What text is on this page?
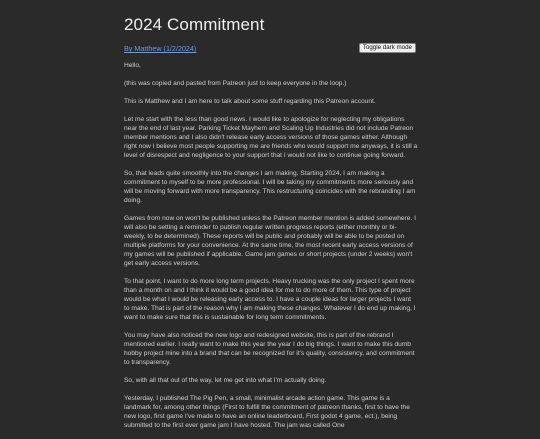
2024 Commitment
By Matthew (1/2/2024)	Toggle dark mode

Hello,

(this was copied and pasted from Patreon just to keep everyone in the loop.)

This is Matthew and I am here to talk about some stuff regarding this Patreon account.

Let me start with the less than good news. I would like to apologize for neglecting my obligations near the end of last year. Parking Ticket Mayhem and Scaling Up Industries did not include Patreon member mentions and I also didn't release early access versions of those games either. Although right now I believe most people supporting me are friends who would support me anyways, it is still a level of disrespect and negligence to your support that I would not like to continue going forward.

So, that leads quite smoothly into the changes I am making. Starting 2024, I am making a commitment to myself to be more professional. I will be taking my commitments more seriously and will be moving forward with more transparency. This restructuring coincides with the rebranding I am doing.

Games from now on won't be published unless the Patreon member mention is added somewhere. I will also be setting a reminder to publish regular written progress reports (either monthly or bi-weekly, to be determined). These reports will be public and probably will be able to be posted on multiple platforms for your convenience. At the same time, the most recent early access versions of my games will be published if applicable. Game jam games or short projects (under 2 weeks) won't get early access versions.

To that point, I want to do more long term projects. Heavy trucking was the only project I spent more than a month on and I think it would be a good idea for me to do more of them. This type of project would be what I would be releasing early access to. I have a couple ideas for larger projects I want to make. That is part of the reason why I am making these changes. Whatever I do end up making, I want to make sure that this is sustainable for long term commitments.

You may have also noticed the new logo and redesigned website, this is part of the rebrand I mentioned earlier. I really want to make this year the year I do big things. I want to make this dumb hobby project mine into a brand that can be recognized for it's quality, consistency, and commitment to transparency.

So, with all that out of the way, let me get into what I'm actually doing.

Yesterday, I published The Pig Pen, a small, minimalist arcade action game. This game is a landmark for, among other things (First to fulfill the commitment of patreon thanks, first to have the new logo, first game I've made to have an online leaderboard, First godot 4 game, ect.), being submitted to the first ever game jam I have hosted. The jam was called One
